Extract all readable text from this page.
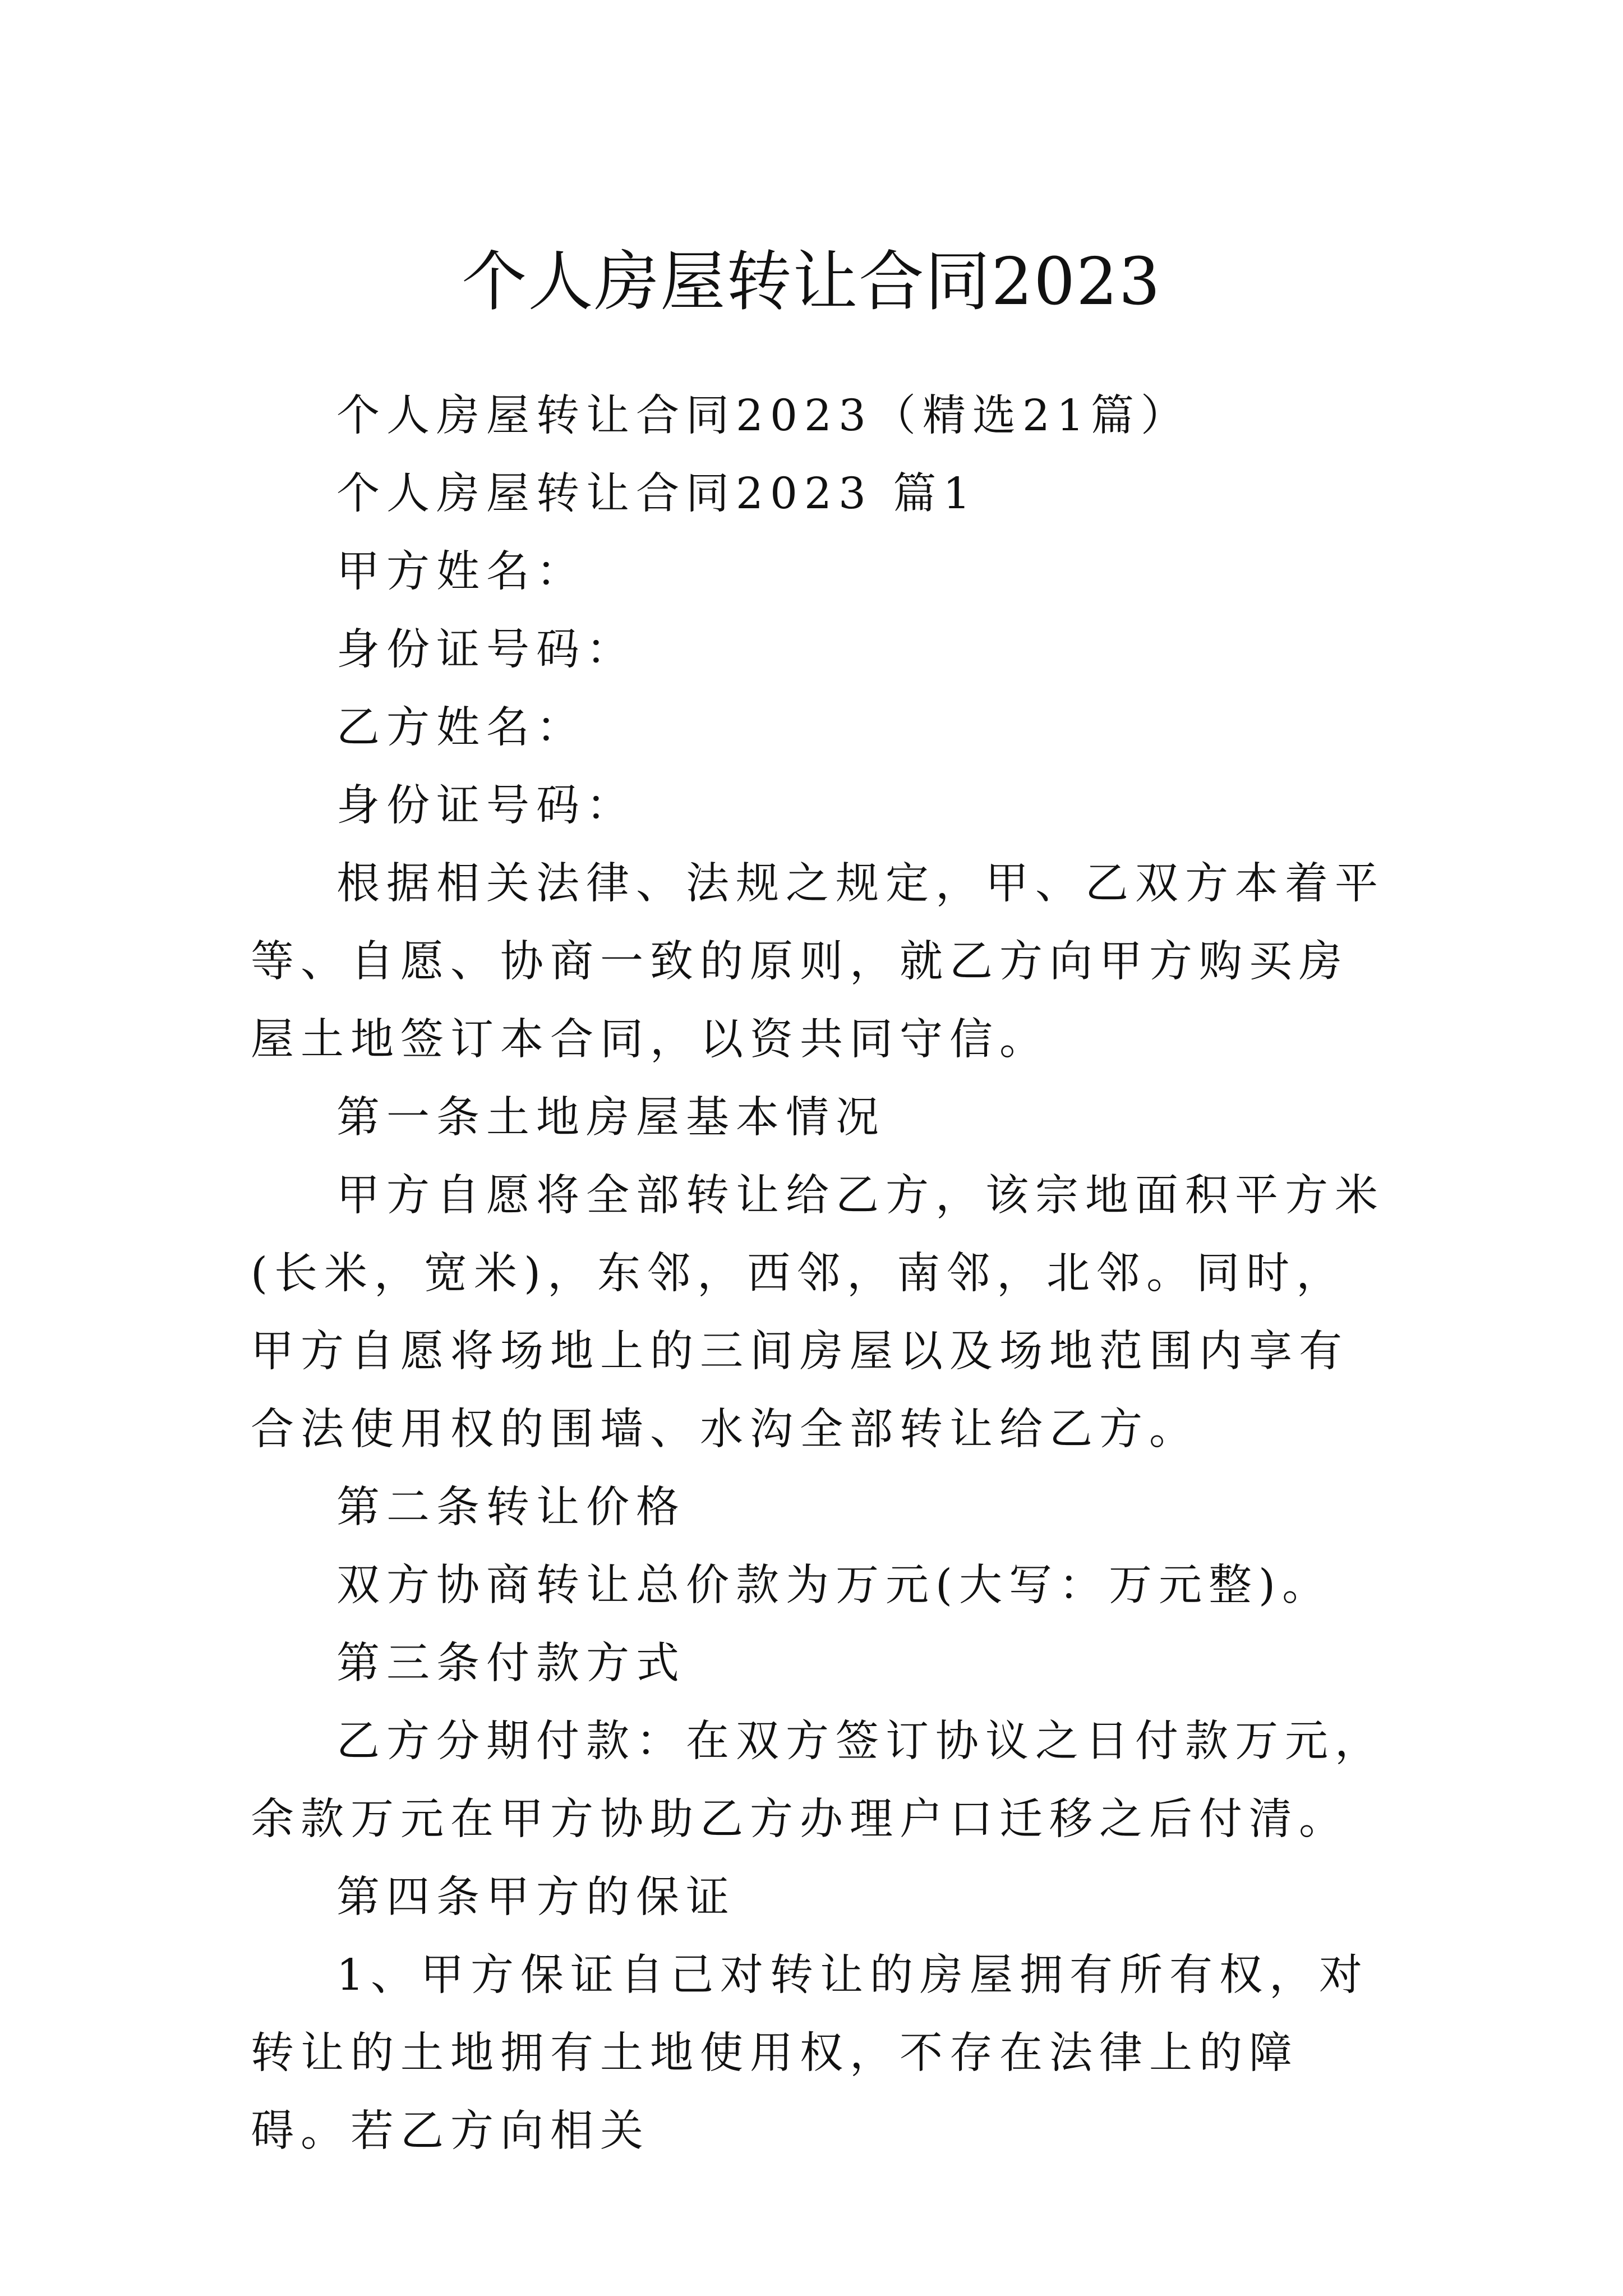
个人房屋转让合同2023

个人房屋转让合同2023（精选21篇）

个人房屋转让合同2023 篇1

甲方姓名：

身份证号码：

乙方姓名：

身份证号码：

根据相关法律、法规之规定，甲、乙双方本着平等、自愿、协商一致的原则，就乙方向甲方购买房屋土地签订本合同，以资共同守信。

第一条土地房屋基本情况

甲方自愿将全部转让给乙方，该宗地面积平方米(长米，宽米)，东邻，西邻，南邻，北邻。同时，甲方自愿将场地上的三间房屋以及场地范围内享有合法使用权的围墙、水沟全部转让给乙方。

第二条转让价格

双方协商转让总价款为万元(大写：万元整)。

第三条付款方式

乙方分期付款：在双方签订协议之日付款万元，余款万元在甲方协助乙方办理户口迁移之后付清。

第四条甲方的保证

1、甲方保证自己对转让的房屋拥有所有权，对转让的土地拥有土地使用权，不存在法律上的障碍。若乙方向相关
